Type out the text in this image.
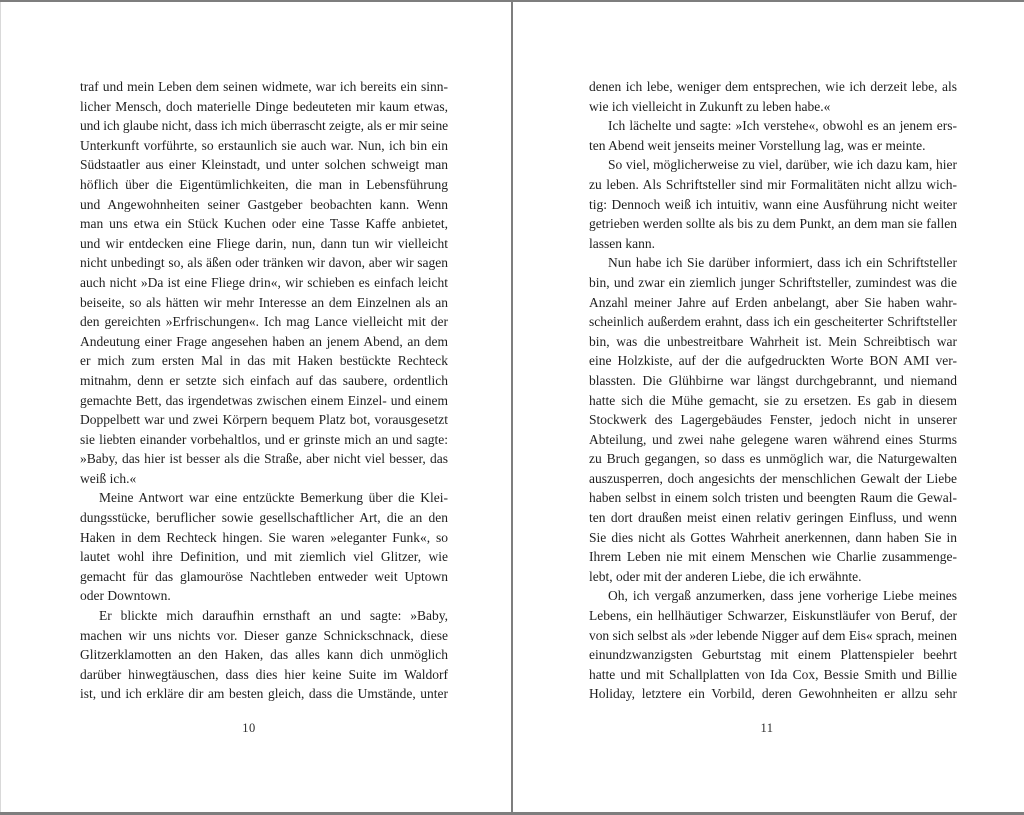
traf und mein Leben dem seinen widmete, war ich bereits ein sinn-
licher Mensch, doch materielle Dinge bedeuteten mir kaum etwas,
und ich glaube nicht, dass ich mich überrascht zeigte, als er mir seine
Unterkunft vorführte, so erstaunlich sie auch war. Nun, ich bin ein
Südstaatler aus einer Kleinstadt, und unter solchen schweigt man
höflich über die Eigentümlichkeiten, die man in Lebensführung
und Angewohnheiten seiner Gastgeber beobachten kann. Wenn
man uns etwa ein Stück Kuchen oder eine Tasse Kaffe anbietet,
und wir entdecken eine Fliege darin, nun, dann tun wir vielleicht
nicht unbedingt so, als äßen oder tränken wir davon, aber wir sagen
auch nicht »Da ist eine Fliege drin«, wir schieben es einfach leicht
beiseite, so als hätten wir mehr Interesse an dem Einzelnen als an
den gereichten »Erfrischungen«. Ich mag Lance vielleicht mit der
Andeutung einer Frage angesehen haben an jenem Abend, an dem
er mich zum ersten Mal in das mit Haken bestückte Rechteck
mitnahm, denn er setzte sich einfach auf das saubere, ordentlich
gemachte Bett, das irgendetwas zwischen einem Einzel- und einem
Doppelbett war und zwei Körpern bequem Platz bot, vorausgesetzt
sie liebten einander vorbehaltlos, und er grinste mich an und sagte:
»Baby, das hier ist besser als die Straße, aber nicht viel besser, das
weiß ich.«
Meine Antwort war eine entzückte Bemerkung über die Klei-
dungsstücke, beruflicher sowie gesellschaftlicher Art, die an den
Haken in dem Rechteck hingen. Sie waren »eleganter Funk«, so
lautet wohl ihre Definition, und mit ziemlich viel Glitzer, wie
gemacht für das glamouröse Nachtleben entweder weit Uptown
oder Downtown.
Er blickte mich daraufhin ernsthaft an und sagte: »Baby,
machen wir uns nichts vor. Dieser ganze Schnickschnack, diese
Glitzerklamotten an den Haken, das alles kann dich unmöglich
darüber hinwegtäuschen, dass dies hier keine Suite im Waldorf
ist, und ich erkläre dir am besten gleich, dass die Umstände, unter
10
denen ich lebe, weniger dem entsprechen, wie ich derzeit lebe, als
wie ich vielleicht in Zukunft zu leben habe.«
Ich lächelte und sagte: »Ich verstehe«, obwohl es an jenem ers-
ten Abend weit jenseits meiner Vorstellung lag, was er meinte.
So viel, möglicherweise zu viel, darüber, wie ich dazu kam, hier
zu leben. Als Schriftsteller sind mir Formalitäten nicht allzu wich-
tig: Dennoch weiß ich intuitiv, wann eine Ausführung nicht weiter
getrieben werden sollte als bis zu dem Punkt, an dem man sie fallen
lassen kann.
Nun habe ich Sie darüber informiert, dass ich ein Schriftsteller
bin, und zwar ein ziemlich junger Schriftsteller, zumindest was die
Anzahl meiner Jahre auf Erden anbelangt, aber Sie haben wahr-
scheinlich außerdem erahnt, dass ich ein gescheiterter Schriftsteller
bin, was die unbestreitbare Wahrheit ist. Mein Schreibtisch war
eine Holzkiste, auf der die aufgedruckten Worte BON AMI ver-
blassten. Die Glühbirne war längst durchgebrannt, und niemand
hatte sich die Mühe gemacht, sie zu ersetzen. Es gab in diesem
Stockwerk des Lagergebäudes Fenster, jedoch nicht in unserer
Abteilung, und zwei nahe gelegene waren während eines Sturms
zu Bruch gegangen, so dass es unmöglich war, die Naturgewalten
auszusperren, doch angesichts der menschlichen Gewalt der Liebe
haben selbst in einem solch tristen und beengten Raum die Gewal-
ten dort draußen meist einen relativ geringen Einfluss, und wenn
Sie dies nicht als Gottes Wahrheit anerkennen, dann haben Sie in
Ihrem Leben nie mit einem Menschen wie Charlie zusammenge-
lebt, oder mit der anderen Liebe, die ich erwähnte.
Oh, ich vergaß anzumerken, dass jene vorherige Liebe meines
Lebens, ein hellhäutiger Schwarzer, Eiskunstläufer von Beruf, der
von sich selbst als »der lebende Nigger auf dem Eis« sprach, meinen
einundzwanzigsten Geburtstag mit einem Plattenspieler beehrt
hatte und mit Schallplatten von Ida Cox, Bessie Smith und Billie
Holiday, letztere ein Vorbild, deren Gewohnheiten er allzu sehr
11
